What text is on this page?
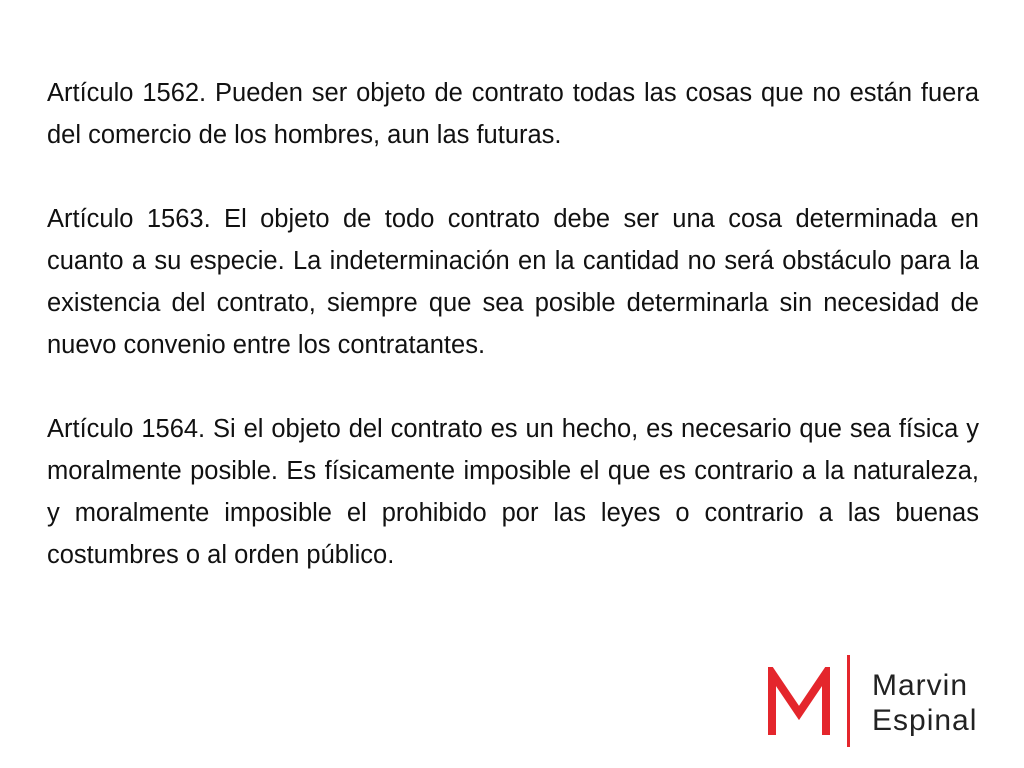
Artículo 1562. Pueden ser objeto de contrato todas las cosas que no están fuera del comercio de los hombres, aun las futuras.

Artículo 1563. El objeto de todo contrato debe ser una cosa determinada en cuanto a su especie. La indeterminación en la cantidad no será obstáculo para la existencia del contrato, siempre que sea posible determinarla sin necesidad de nuevo convenio entre los contratantes.

Artículo 1564. Si el objeto del contrato es un hecho, es necesario que sea física y moralmente posible. Es físicamente imposible el que es contrario a la naturaleza, y moralmente imposible el prohibido por las leyes o contrario a las buenas costumbres o al orden público.

Marvin
Espinal
